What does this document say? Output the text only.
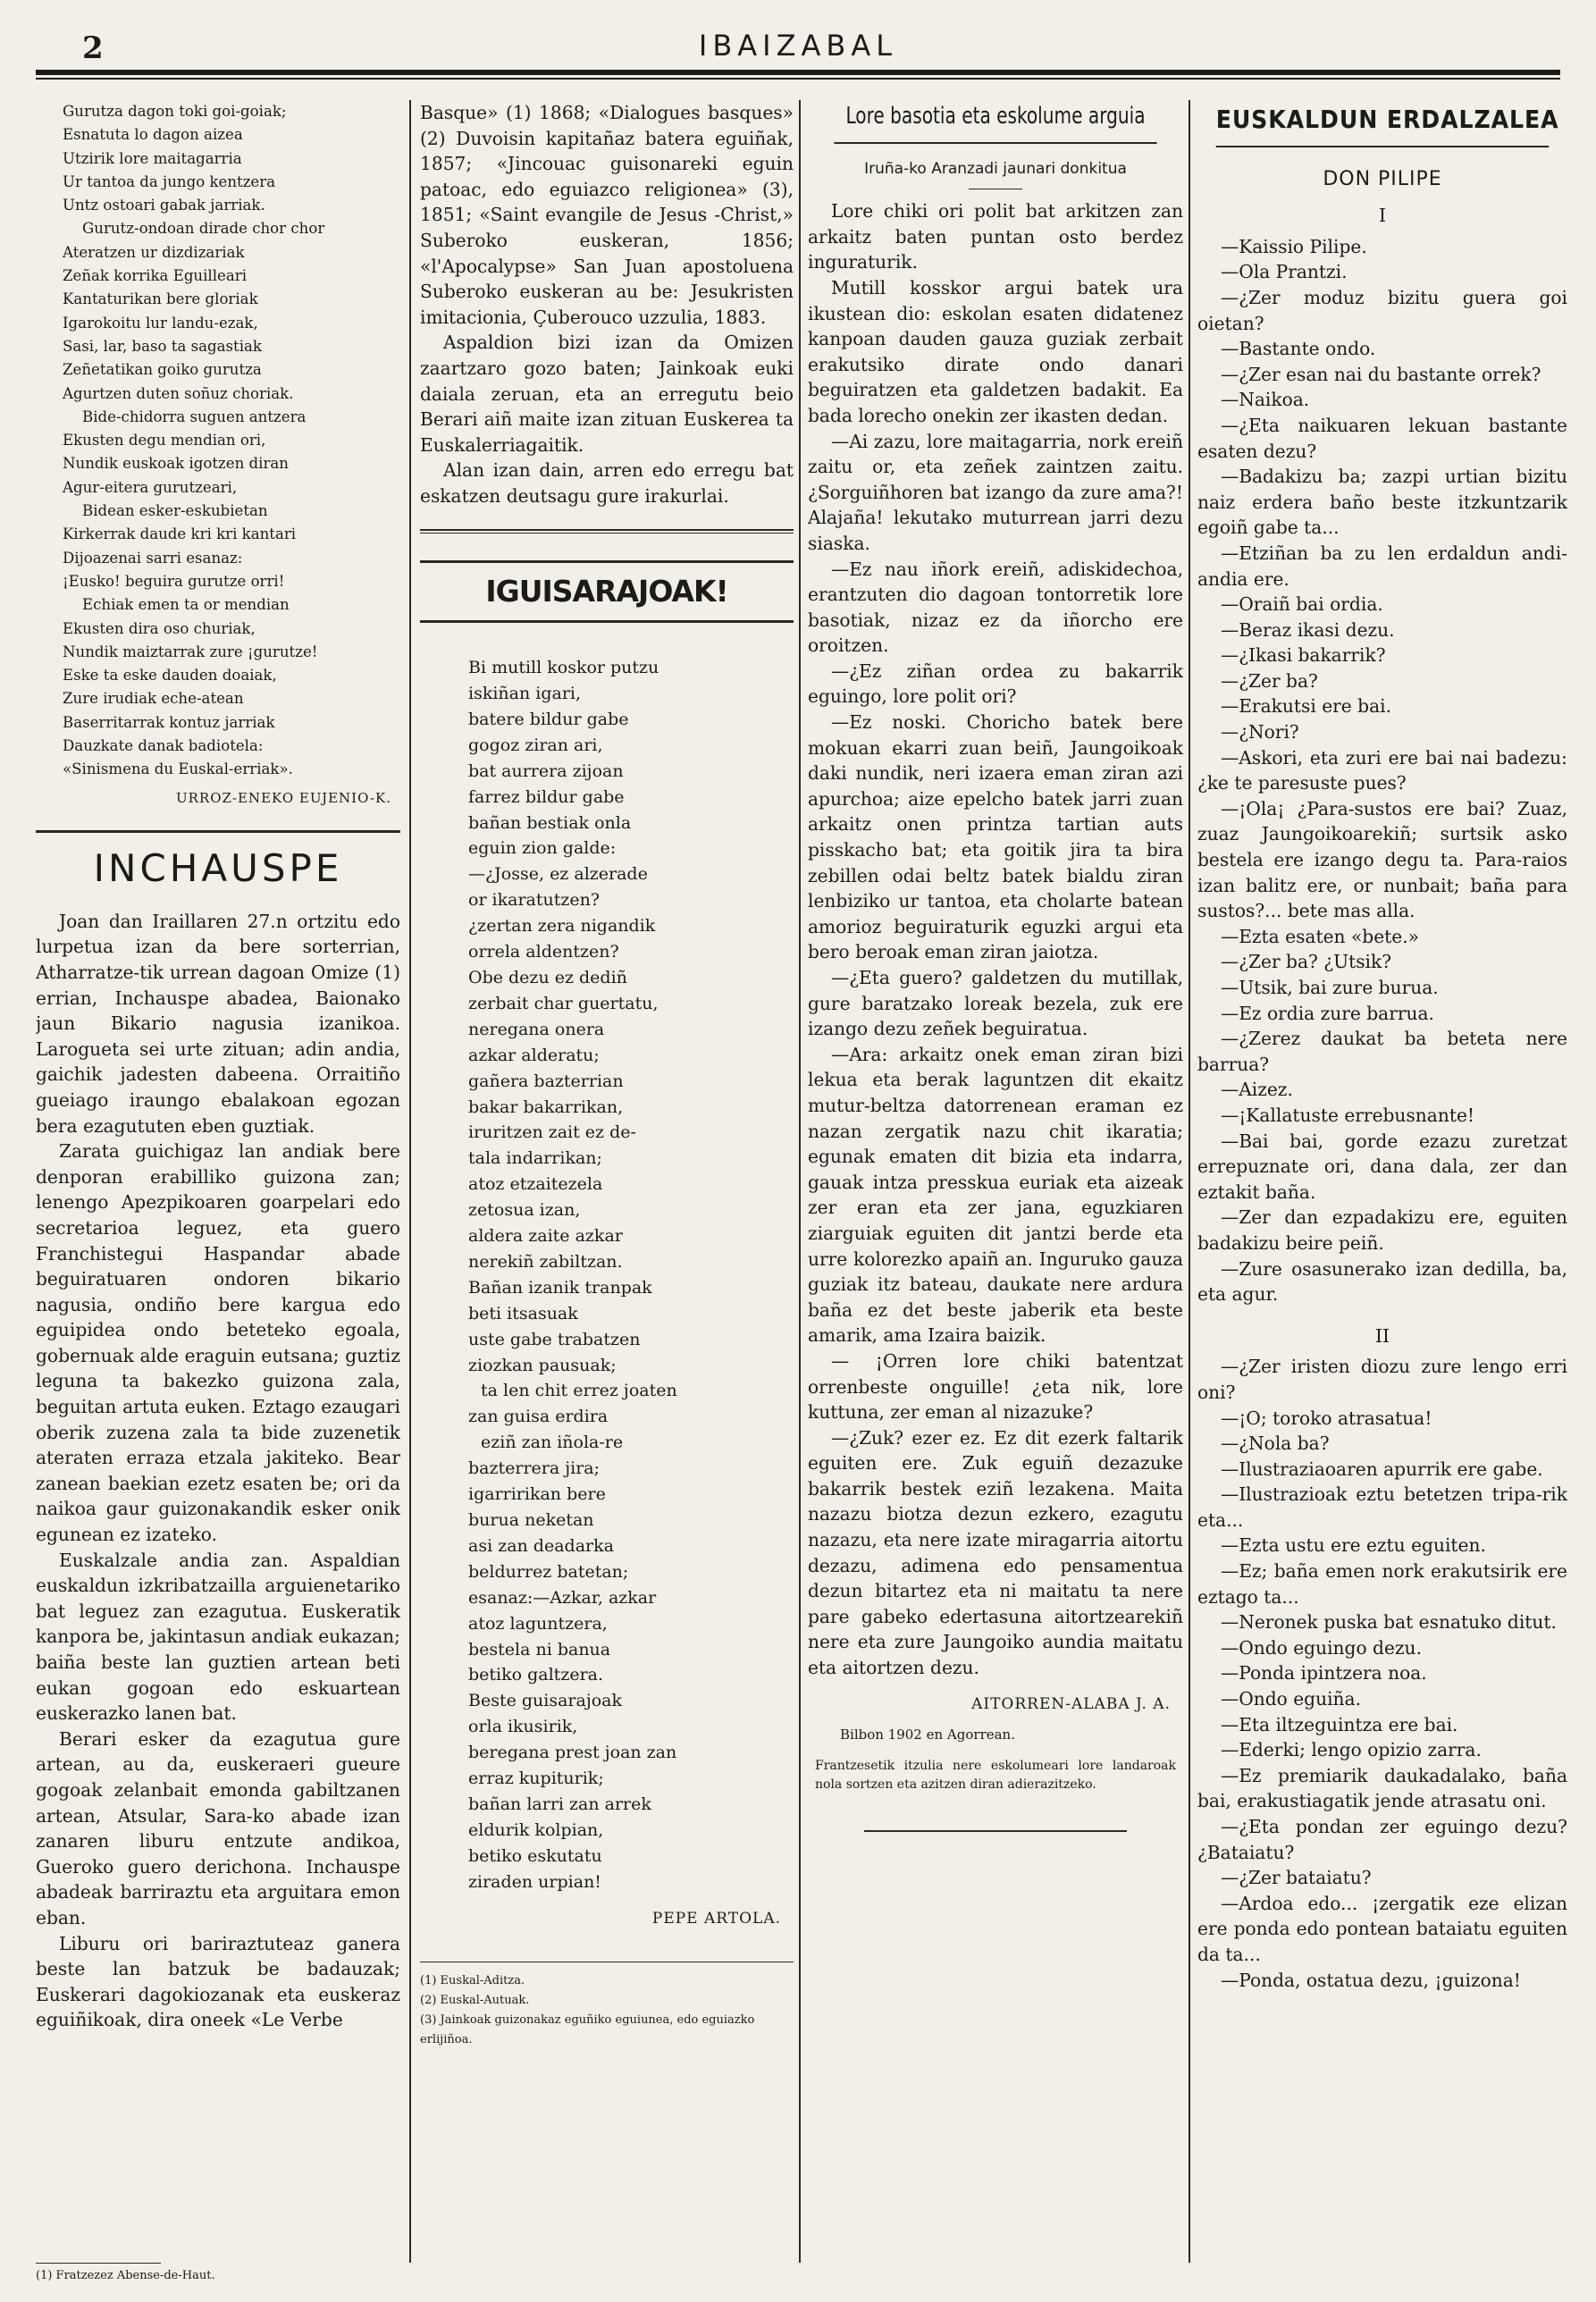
2	IBAIZABAL
Gurutza dagon toki goi-goiak;
Esnatuta lo dagon aizea
Utzirik lore maitagarria
Ur tantoa da jungo kentzera
Untz ostoari gabak jarriak.
Gurutz-ondoan dirade chor chor
Ateratzen ur dizdizariak
Zeñak korrika Eguilleari
Kantaturikan bere gloriak
Igarokoitu lur landu-ezak,
Sasi, lar, baso ta sagastiak
Zeñetatikan goiko gurutza
Agurtzen duten soñuz choriak.
Bide-chidorra suguen antzera
Ekusten degu mendian ori,
Nundik euskoak igotzen diran
Agur-eitera gurutzeari,
Bidean esker-eskubietan
Kirkerrak daude kri kri kantari
Dijoazenai sarri esanaz:
¡Eusko! beguira gurutze orri!
Echiak emen ta or mendian
Ekusten dira oso churiak,
Nundik maiztarrak zure ¡gurutze!
Eske ta eske dauden doaiak,
Zure irudiak eche-atean
Baserritarrak kontuz jarriak
Dauzkate danak badiotela:
«Sinismena du Euskal-erriak».
URROZ-ENEKO EUJENIO-K.
INCHAUSPE

Joan dan Iraillaren 27.n ortzitu edo lurpetua izan da bere sorterrian, Atharratze-tik urrean dagoan Omize (1) errian, Inchauspe abadea, Baionako jaun Bikario nagusia izanikoa. Larogueta sei urte zituan; adin andia, gaichik jadesten dabeena. Orraitiño gueiago iraungo ebalakoan egozan bera ezagututen eben guztiak.

Zarata guichigaz lan andiak bere denporan erabilliko guizona zan; lenengo Apezpikoaren goarpelari edo secretarioa leguez, eta guero Franchistegui Haspandar abade beguiratuaren ondoren bikario nagusia, ondiño bere kargua edo eguipidea ondo beteteko egoala, gobernuak alde eraguin eutsana; guztiz leguna ta bakezko guizona zala, beguitan artuta euken. Eztago ezaugari oberik zuzena zala ta bide zuzenetik ateraten erraza etzala jakiteko. Bear zanean baekian ezetz esaten be; ori da naikoa gaur guizonakandik esker onik egunean ez izateko.

Euskalzale andia zan. Aspaldian euskaldun izkribatzailla arguienetariko bat leguez zan ezagutua. Euskeratik kanpora be, jakintasun andiak eukazan; baiña beste lan guztien artean beti eukan gogoan edo eskuartean euskerazko lanen bat.

Berari esker da ezagutua gure artean, au da, euskeraeri gueure gogoak zelanbait emonda gabiltzanen artean, Atsular, Sara-ko abade izan zanaren liburu entzute andikoa, Gueroko guero derichona. Inchauspe abadeak barriraztu eta arguitara emon eban.

Liburu ori bariraztuteaz ganera beste lan batzuk be badauzak; Euskerari dagokiozanak eta euskeraz eguiñikoak, dira oneek «Le Verbe

(1) Fratzezez Abense-de-Haut.

Basque» (1) 1868; «Dialogues basques» (2) Duvoisin kapitañaz batera eguiñak, 1857; «Jincouac guisonareki eguin patoac, edo eguiazco religionea» (3), 1851; «Saint evangile de Jesus -Christ,» Suberoko euskeran, 1856; «l'Apocalypse» San Juan apostoluena Suberoko euskeran au be: Jesukristen imitacionia, Çuberouco uzzulia, 1883.

Aspaldion bizi izan da Omizen zaartzaro gozo baten; Jainkoak euki daiala zeruan, eta an erregutu beio Berari aiñ maite izan zituan Euskerea ta Euskalerriagaitik.

Alan izan dain, arren edo erregu bat eskatzen deutsagu gure irakurlai.

IGUISARAJOAK!
Bi mutill koskor putzu
iskiñan igari,
batere bildur gabe
gogoz ziran ari,
bat aurrera zijoan
farrez bildur gabe
bañan bestiak onla
eguin zion galde:
—¿Josse, ez alzerade
or ikaratutzen?
¿zertan zera nigandik
orrela aldentzen?
Obe dezu ez dediñ
zerbait char guertatu,
neregana onera
azkar alderatu;
gañera bazterrian
bakar bakarrikan,
iruritzen zait ez de-
tala indarrikan;
atoz etzaitezela
zetosua izan,
aldera zaite azkar
nerekiñ zabiltzan.
Bañan izanik tranpak
beti itsasuak
uste gabe trabatzen
ziozkan pausuak;
ta len chit errez joaten
zan guisa erdira
eziñ zan iñola-re
bazterrera jira;
igarririkan bere
burua neketan
asi zan deadarka
beldurrez batetan;
esanaz:—Azkar, azkar
atoz laguntzera,
bestela ni banua
betiko galtzera.
Beste guisarajoak
orla ikusirik,
beregana prest joan zan
erraz kupiturik;
bañan larri zan arrek
eldurik kolpian,
betiko eskutatu
ziraden urpian!
PEPE ARTOLA.

(1) Euskal-Aditza.

(2) Euskal-Autuak.

(3) Jainkoak guizonakaz eguñiko eguiunea, edo eguiazko erlijiñoa.

Lore basotia eta eskolume arguia
Iruña-ko Aranzadi jaunari donkitua

Lore chiki ori polit bat arkitzen zan arkaitz baten puntan osto berdez inguraturik.

Mutill kosskor argui batek ura ikustean dio: eskolan esaten didatenez kanpoan dauden gauza guziak zerbait erakutsiko dirate ondo danari beguiratzen eta galdetzen badakit. Ea bada lorecho onekin zer ikasten dedan.

—Ai zazu, lore maitagarria, nork ereiñ zaitu or, eta zeñek zaintzen zaitu. ¿Sorguiñhoren bat izango da zure ama?! Alajaña! lekutako muturrean jarri dezu siaska.

—Ez nau iñork ereiñ, adiskidechoa, erantzuten dio dagoan tontorretik lore basotiak, nizaz ez da iñorcho ere oroitzen.

—¿Ez ziñan ordea zu bakarrik eguingo, lore polit ori?

—Ez noski. Choricho batek bere mokuan ekarri zuan beiñ, Jaungoikoak daki nundik, neri izaera eman ziran azi apurchoa; aize epelcho batek jarri zuan arkaitz onen printza tartian auts pisskacho bat; eta goitik jira ta bira zebillen odai beltz batek bialdu ziran lenbiziko ur tantoa, eta cholarte batean amorioz beguiraturik eguzki argui eta bero beroak eman ziran jaiotza.

—¿Eta guero? galdetzen du mutillak, gure baratzako loreak bezela, zuk ere izango dezu zeñek beguiratua.

—Ara: arkaitz onek eman ziran bizi lekua eta berak laguntzen dit ekaitz mutur-beltza datorrenean eraman ez nazan zergatik nazu chit ikaratia; egunak ematen dit bizia eta indarra, gauak intza presskua euriak eta aizeak zer eran eta zer jana, eguzkiaren ziarguiak eguiten dit jantzi berde eta urre kolorezko apaiñ an. Inguruko gauza guziak itz bateau, daukate nere ardura baña ez det beste jaberik eta beste amarik, ama Izaira baizik.

— ¡Orren lore chiki batentzat orrenbeste onguille! ¿eta nik, lore kuttuna, zer eman al nizazuke?

—¿Zuk? ezer ez. Ez dit ezerk faltarik eguiten ere. Zuk eguiñ dezazuke bakarrik bestek eziñ lezakena. Maita nazazu biotza dezun ezkero, ezagutu nazazu, eta nere izate miragarria aitortu dezazu, adimena edo pensamentua dezun bitartez eta ni maitatu ta nere pare gabeko edertasuna aitortzearekiñ nere eta zure Jaungoiko aundia maitatu eta aitortzen dezu.

AITORREN-ALABA J. A.
Bilbon 1902 en Agorrean.
Frantzesetik itzulia nere eskolumeari lore landaroak nola sortzen eta azitzen diran adierazitzeko.
EUSKALDUN ERDALZALEA
DON PILIPE
I

—Kaissio Pilipe.

—Ola Prantzi.

—¿Zer moduz bizitu guera goi oietan?

—Bastante ondo.

—¿Zer esan nai du bastante orrek?

—Naikoa.

—¿Eta naikuaren lekuan bastante esaten dezu?

—Badakizu ba; zazpi urtian bizitu naiz erdera baño beste itzkuntzarik egoiñ gabe ta...

—Etziñan ba zu len erdaldun andi-andia ere.

—Oraiñ bai ordia.

—Beraz ikasi dezu.

—¿Ikasi bakarrik?

—¿Zer ba?

—Erakutsi ere bai.

—¿Nori?

—Askori, eta zuri ere bai nai badezu: ¿ke te paresuste pues?

—¡Ola¡ ¿Para-sustos ere bai? Zuaz, zuaz Jaungoikoarekiñ; surtsik asko bestela ere izango degu ta. Para-raios izan balitz ere, or nunbait; baña para sustos?... bete mas alla.

—Ezta esaten «bete.»

—¿Zer ba? ¿Utsik?

—Utsik, bai zure burua.

—Ez ordia zure barrua.

—¿Zerez daukat ba beteta nere barrua?

—Aizez.

—¡Kallatuste errebusnante!

—Bai bai, gorde ezazu zuretzat errepuznate ori, dana dala, zer dan eztakit baña.

—Zer dan ezpadakizu ere, eguiten badakizu beire peiñ.

—Zure osasunerako izan dedilla, ba, eta agur.

II

—¿Zer iristen diozu zure lengo erri oni?

—¡O; toroko atrasatua!

—¿Nola ba?

—Ilustraziaoaren apurrik ere gabe.

—Ilustrazioak eztu betetzen tripa-rik eta...

—Ezta ustu ere eztu eguiten.

—Ez; baña emen nork erakutsirik ere eztago ta...

—Neronek puska bat esnatuko ditut.

—Ondo eguingo dezu.

—Ponda ipintzera noa.

—Ondo eguiña.

—Eta iltzeguintza ere bai.

—Ederki; lengo opizio zarra.

—Ez premiarik daukadalako, baña bai, erakustiagatik jende atrasatu oni.

—¿Eta pondan zer eguingo dezu? ¿Bataiatu?

—¿Zer bataiatu?

—Ardoa edo... ¡zergatik eze elizan ere ponda edo pontean bataiatu eguiten da ta...

—Ponda, ostatua dezu, ¡guizona!
